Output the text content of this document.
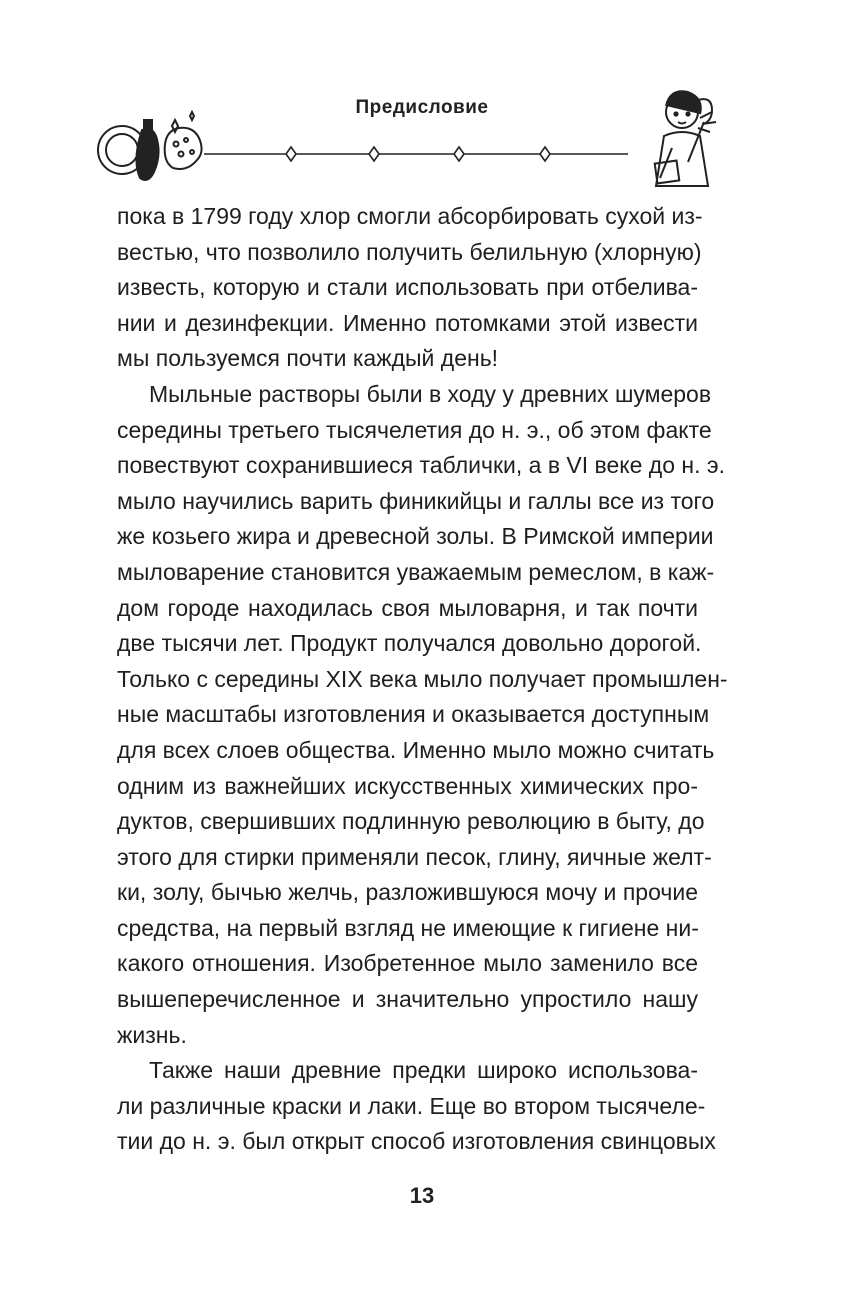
Предисловие
пока в 1799 году хлор смогли абсорбировать сухой из-
вестью, что позволило получить белильную (хлорную)
известь, которую и стали использовать при отбелива-
нии и дезинфекции. Именно потомками этой извести
мы пользуемся почти каждый день!
Мыльные растворы были в ходу у древних шумеров
середины третьего тысячелетия до н. э., об этом факте
повествуют сохранившиеся таблички, а в VI веке до н. э.
мыло научились варить финикийцы и галлы все из того
же козьего жира и древесной золы. В Римской империи
мыловарение становится уважаемым ремеслом, в каж-
дом городе находилась своя мыловарня, и так почти
две тысячи лет. Продукт получался довольно дорогой.
Только с середины XIX века мыло получает промышлен-
ные масштабы изготовления и оказывается доступным
для всех слоев общества. Именно мыло можно считать
одним из важнейших искусственных химических про-
дуктов, свершивших подлинную революцию в быту, до
этого для стирки применяли песок, глину, яичные желт-
ки, золу, бычью желчь, разложившуюся мочу и прочие
средства, на первый взгляд не имеющие к гигиене ни-
какого отношения. Изобретенное мыло заменило все
вышеперечисленное и значительно упростило нашу
жизнь.
Также наши древние предки широко использова-
ли различные краски и лаки. Еще во втором тысячеле-
тии до н. э. был открыт способ изготовления свинцовых
13
